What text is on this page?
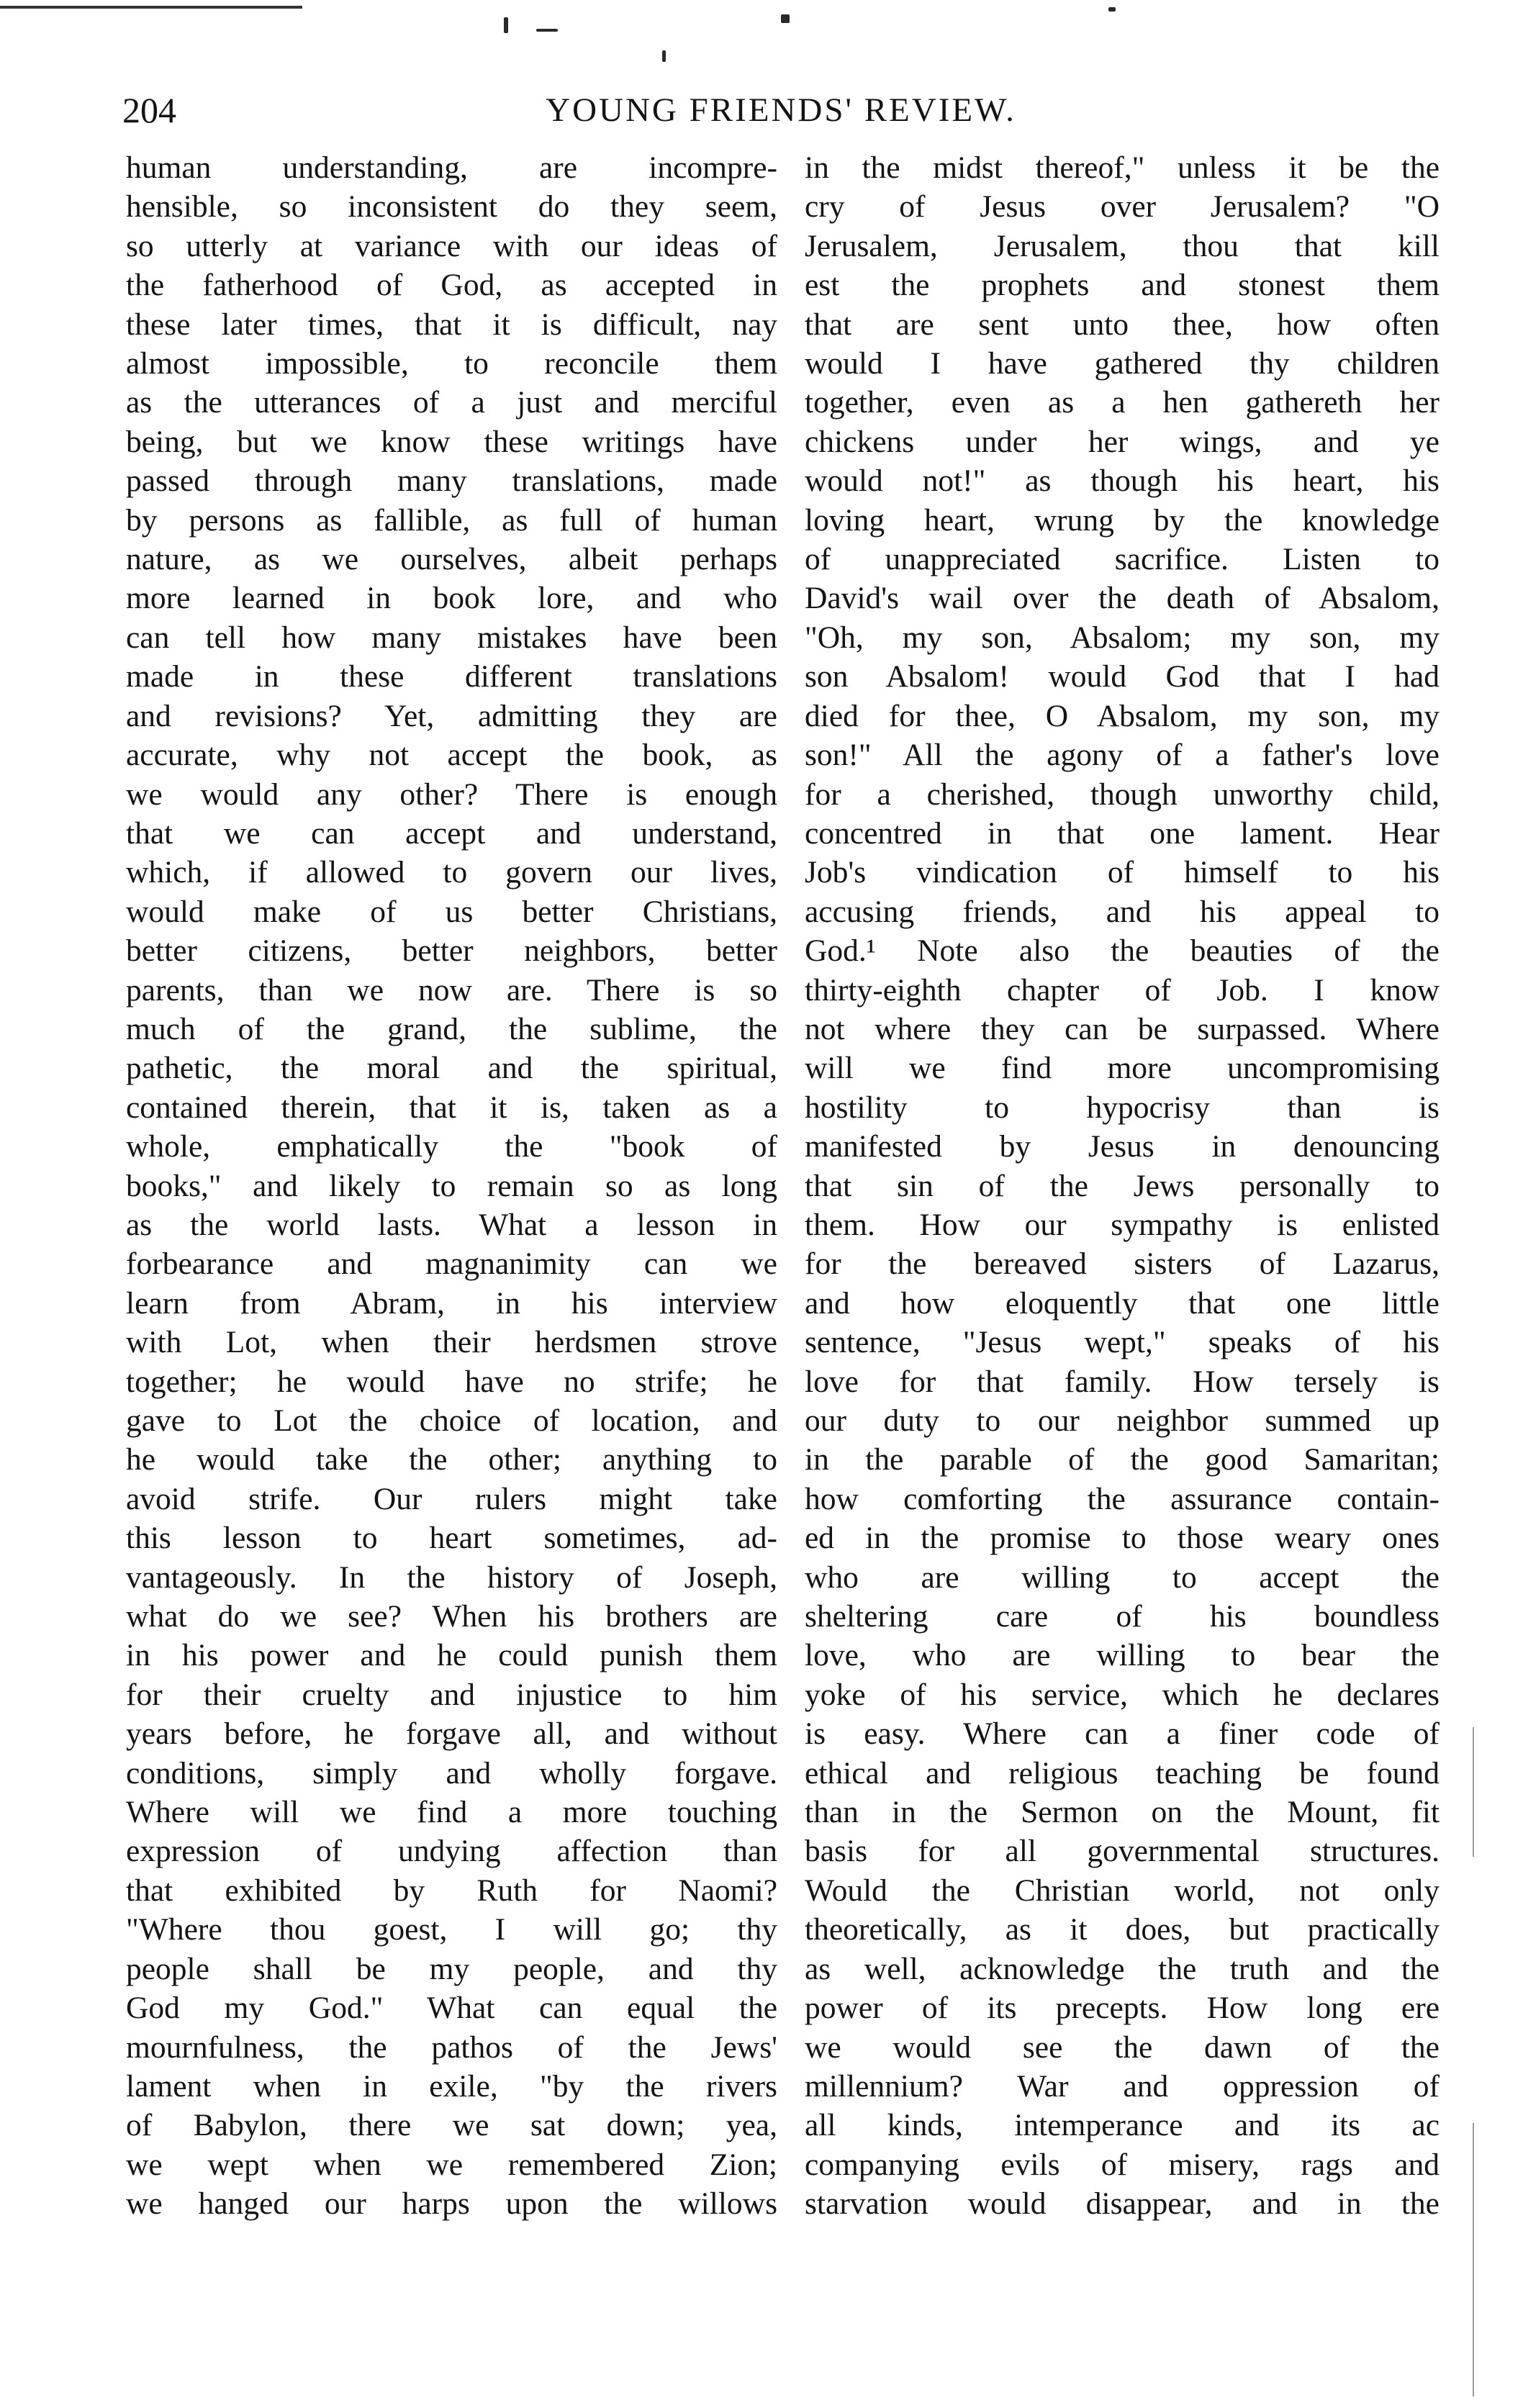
204	YOUNG FRIENDS' REVIEW.
human understanding, are incompre-
hensible, so inconsistent do they seem,
so utterly at variance with our ideas of
the fatherhood of God, as accepted in
these later times, that it is difficult, nay
almost impossible, to reconcile them
as the utterances of a just and merciful
being, but we know these writings have
passed through many translations, made
by persons as fallible, as full of human
nature, as we ourselves, albeit perhaps
more learned in book lore, and who
can tell how many mistakes have been
made in these different translations
and revisions? Yet, admitting they are
accurate, why not accept the book, as
we would any other? There is enough
that we can accept and understand,
which, if allowed to govern our lives,
would make of us better Christians,
better citizens, better neighbors, better
parents, than we now are. There is so
much of the grand, the sublime, the
pathetic, the moral and the spiritual,
contained therein, that it is, taken as a
whole, emphatically the "book of
books," and likely to remain so as long
as the world lasts. What a lesson in
forbearance and magnanimity can we
learn from Abram, in his interview
with Lot, when their herdsmen strove
together; he would have no strife; he
gave to Lot the choice of location, and
he would take the other; anything to
avoid strife. Our rulers might take
this lesson to heart sometimes, ad-
vantageously. In the history of Joseph,
what do we see? When his brothers are
in his power and he could punish them
for their cruelty and injustice to him
years before, he forgave all, and without
conditions, simply and wholly forgave.
Where will we find a more touching
expression of undying affection than
that exhibited by Ruth for Naomi?
"Where thou goest, I will go; thy
people shall be my people, and thy
God my God." What can equal the
mournfulness, the pathos of the Jews'
lament when in exile, "by the rivers
of Babylon, there we sat down; yea,
we wept when we remembered Zion;
we hanged our harps upon the willows
in the midst thereof," unless it be the
cry of Jesus over Jerusalem? "O
Jerusalem, Jerusalem, thou that kill
est the prophets and stonest them
that are sent unto thee, how often
would I have gathered thy children
together, even as a hen gathereth her
chickens under her wings, and ye
would not!" as though his heart, his
loving heart, wrung by the knowledge
of unappreciated sacrifice. Listen to
David's wail over the death of Absalom,
"Oh, my son, Absalom; my son, my
son Absalom! would God that I had
died for thee, O Absalom, my son, my
son!" All the agony of a father's love
for a cherished, though unworthy child,
concentred in that one lament. Hear
Job's vindication of himself to his
accusing friends, and his appeal to
God.¹ Note also the beauties of the
thirty-eighth chapter of Job. I know
not where they can be surpassed. Where
will we find more uncompromising
hostility to hypocrisy than is
manifested by Jesus in denouncing
that sin of the Jews personally to
them. How our sympathy is enlisted
for the bereaved sisters of Lazarus,
and how eloquently that one little
sentence, "Jesus wept," speaks of his
love for that family. How tersely is
our duty to our neighbor summed up
in the parable of the good Samaritan;
how comforting the assurance contain-
ed in the promise to those weary ones
who are willing to accept the
sheltering care of his boundless
love, who are willing to bear the
yoke of his service, which he declares
is easy. Where can a finer code of
ethical and religious teaching be found
than in the Sermon on the Mount, fit
basis for all governmental structures.
Would the Christian world, not only
theoretically, as it does, but practically
as well, acknowledge the truth and the
power of its precepts. How long ere
we would see the dawn of the
millennium? War and oppression of
all kinds, intemperance and its ac
companying evils of misery, rags and
starvation would disappear, and in the
